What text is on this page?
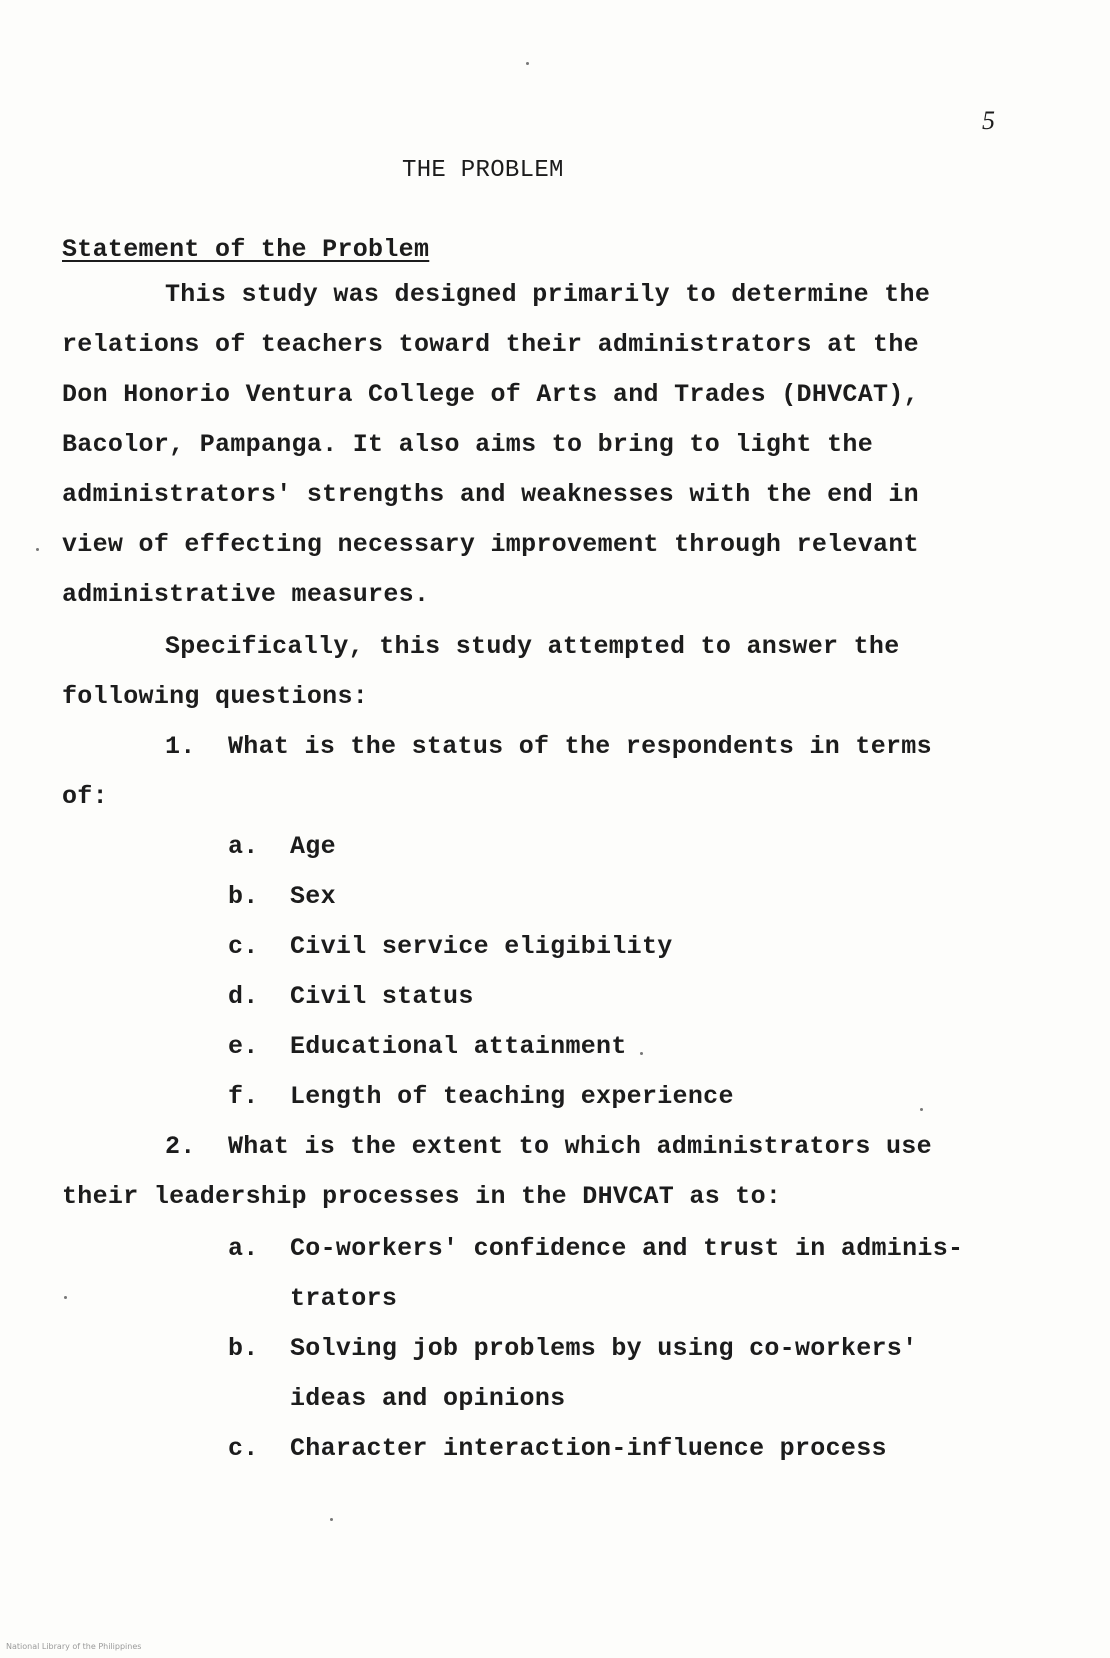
5
THE PROBLEM
Statement of the Problem
This study was designed primarily to determine the
relations of teachers toward their administrators at the
Don Honorio Ventura College of Arts and Trades (DHVCAT),
Bacolor, Pampanga. It also aims to bring to light the
administrators' strengths and weaknesses with the end in
view of effecting necessary improvement through relevant
administrative measures.
Specifically, this study attempted to answer the
following questions:
1. What is the status of the respondents in terms
of:
a. Age
b. Sex
c. Civil service eligibility
d. Civil status
e. Educational attainment
f. Length of teaching experience
2. What is the extent to which administrators use
their leadership processes in the DHVCAT as to:
a. Co-workers' confidence and trust in adminis-
trators
b. Solving job problems by using co-workers'
ideas and opinions
c. Character interaction-influence process
National Library of the Philippines
